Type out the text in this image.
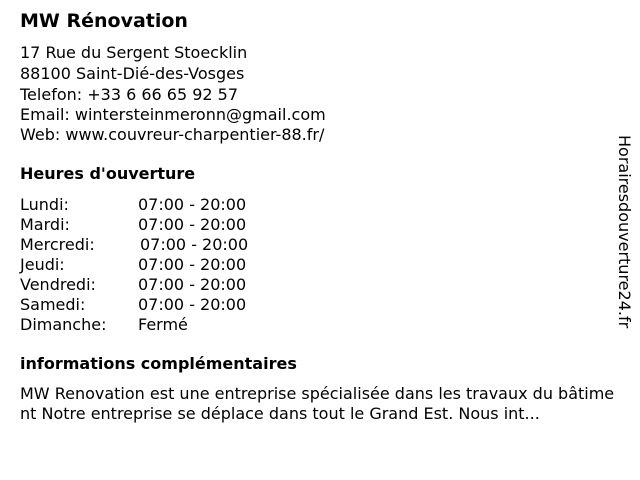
MW Rénovation
17 Rue du Sergent Stoecklin
88100 Saint-Dié-des-Vosges
Telefon: +33 6 66 65 92 57
Email: wintersteinmeronn@gmail.com
Web: www.couvreur-charpentier-88.fr/
Heures d'ouverture
Lundi:	07:00 - 20:00
Mardi:	07:00 - 20:00
Mercredi:	07:00 - 20:00
Jeudi:	07:00 - 20:00
Vendredi:	07:00 - 20:00
Samedi:	07:00 - 20:00
Dimanche: Fermé
informations complémentaires
MW Renovation est une entreprise spécialisée dans les travaux du bâtiment Notre entreprise se déplace dans tout le Grand Est. Nous int...
Horairesdouverture24.fr
